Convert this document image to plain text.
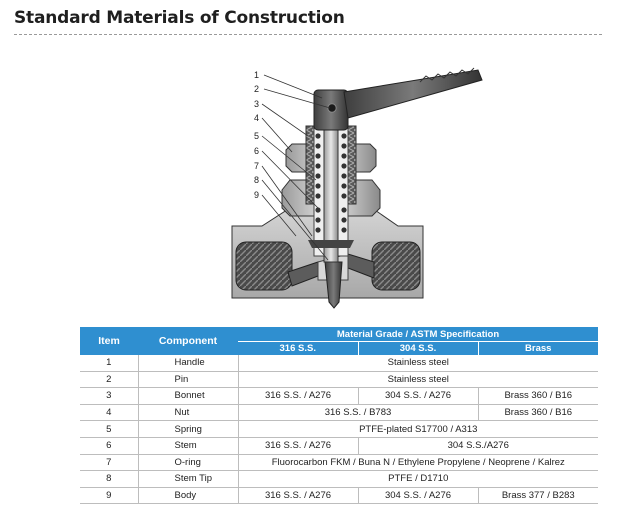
Standard Materials of Construction
1
2
3
4
5
6
7
8
9
Item	Component	Material Grade / ASTM Specification		
		316 S.S.	304 S.S.	Brass
1	Handle	Stainless steel		
2	Pin	Stainless steel		
3	Bonnet	316 S.S. / A276	304 S.S. / A276	Brass 360 / B16
4	Nut	316 S.S. / B783		Brass 360 / B16
5	Spring	PTFE-plated S17700 / A313		
6	Stem	316 S.S. / A276	304 S.S./A276	
7	O-ring	Fluorocarbon FKM / Buna N / Ethylene Propylene / Neoprene / Kalrez		
8	Stem Tip	PTFE / D1710		
9	Body	316 S.S. / A276	304 S.S. / A276	Brass 377 / B283
